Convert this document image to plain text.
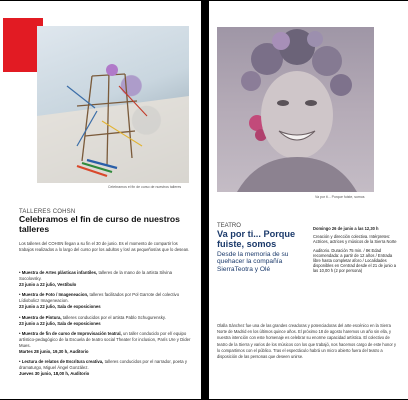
Celebramos el fin de curso de nuestros talleres
TALLERES COHSN
Celebramos el fin de curso de nuestros talleres
Los talleres del COHSN llegan a su fin el 30 de junio. Es el momento de compartir los trabajos realizados a lo largo del curso por los adultos y los/ as pequeños/as que lo desean.
• Muestra de Artes plásticas infantiles, talleres de la mano de la artista Silvina Socolovsky.
23 junio a 22 julio, Vestíbulo
• Muestra de Foto / Imageneacion, talleres facilitados por Pol Garrote del colectivo Lídiobolicz Imageneacion.
23 junio a 22 julio, Sala de exposiciones
• Muestra de Pintura, talleres conducidos por el artista Pablo Schugurensky.
23 junio a 22 julio, Sala de exposiciones
• Muestra de fin de curso de Improvisación teatral, un taller conducido por el/ equipo artístico-pedagógico de la Escuela de teatro social Theater for inclusion, París Ure y Dider Mues.
Martes 28 junio, 19,30 h, Auditorio
• Lectura de relatos de Escritura creativa, talleres conducidos por el narrador, poeta y dramaturgo, Miguel Ángel González.
Jueves 30 junio, 18,00 h, Auditorio
Va por ti... Porque fuiste, somos
TEATRO
Va por ti... Porque fuiste, somos
Desde la memoria de su quehacer la compañía SierraTeotra y Olé
Domingo 26 de junio a las 12,30 h
Creación y dirección colectiva. Intérpretes: Actrices, actrices y músicos de la Sierra Norte
Auditorio. Duración 75 min. / 8€ Edad recomendada: a partir de 12 años / Entrada libre hasta completar aforo / Localidades disponibles en Centrad desde el 21 de junio a las 10,00 h (2 por persona)
Olalla Sánchez fue una de las grandes creadoras y potenciadoras del arte escénico en la Sierra Norte de Madrid en los últimos quince años. El próximo 18 de agosto haremos un año sin ella, y nuestra intención con este homenaje es celebrar su enorme capacidad artística. El colectivo de teatro de la Sierra y varios de los músicos con los que trabajó, nos hacemos cargo de este honor y lo compartimos con el público. Tras el espectáculo habrá un micro abierto fuera del teatro a disposición de las personas que deseen unirse.
